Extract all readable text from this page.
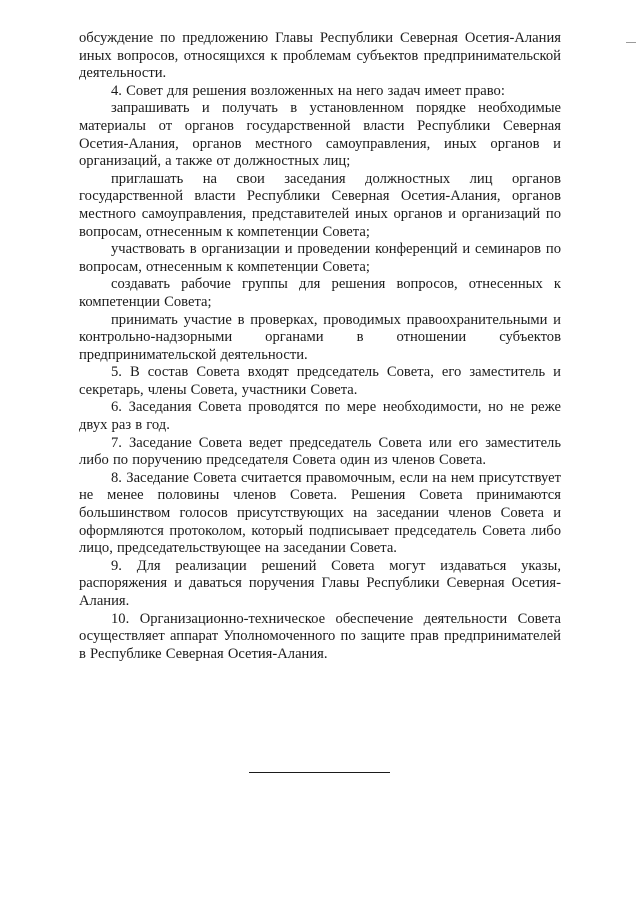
обсуждение по предложению Главы Республики Северная Осетия-Алания иных вопросов, относящихся к проблемам субъектов предпринимательской деятельности.

4. Совет для решения возложенных на него задач имеет право:

запрашивать и получать в установленном порядке необходимые материалы от органов государственной власти Республики Северная Осетия-Алания, органов местного самоуправления, иных органов и организаций, а также от должностных лиц;

приглашать на свои заседания должностных лиц органов государственной власти Республики Северная Осетия-Алания, органов местного самоуправления, представителей иных органов и организаций по вопросам, отнесенным к компетенции Совета;

участвовать в организации и проведении конференций и семинаров по вопросам, отнесенным к компетенции Совета;

создавать рабочие группы для решения вопросов, отнесенных к компетенции Совета;

принимать участие в проверках, проводимых правоохранительными и контрольно-надзорными органами в отношении субъектов предпринимательской деятельности.

5. В состав Совета входят председатель Совета, его заместитель и секретарь, члены Совета, участники Совета.

6. Заседания Совета проводятся по мере необходимости, но не реже двух раз в год.

7. Заседание Совета ведет председатель Совета или его заместитель либо по поручению председателя Совета один из членов Совета.

8. Заседание Совета считается правомочным, если на нем присутствует не менее половины членов Совета. Решения Совета принимаются большинством голосов присутствующих на заседании членов Совета и оформляются протоколом, который подписывает председатель Совета либо лицо, председательствующее на заседании Совета.

9. Для реализации решений Совета могут издаваться указы, распоряжения и даваться поручения Главы Республики Северная Осетия-Алания.

10. Организационно-техническое обеспечение деятельности Совета осуществляет аппарат Уполномоченного по защите прав предпринимателей в Республике Северная Осетия-Алания.
